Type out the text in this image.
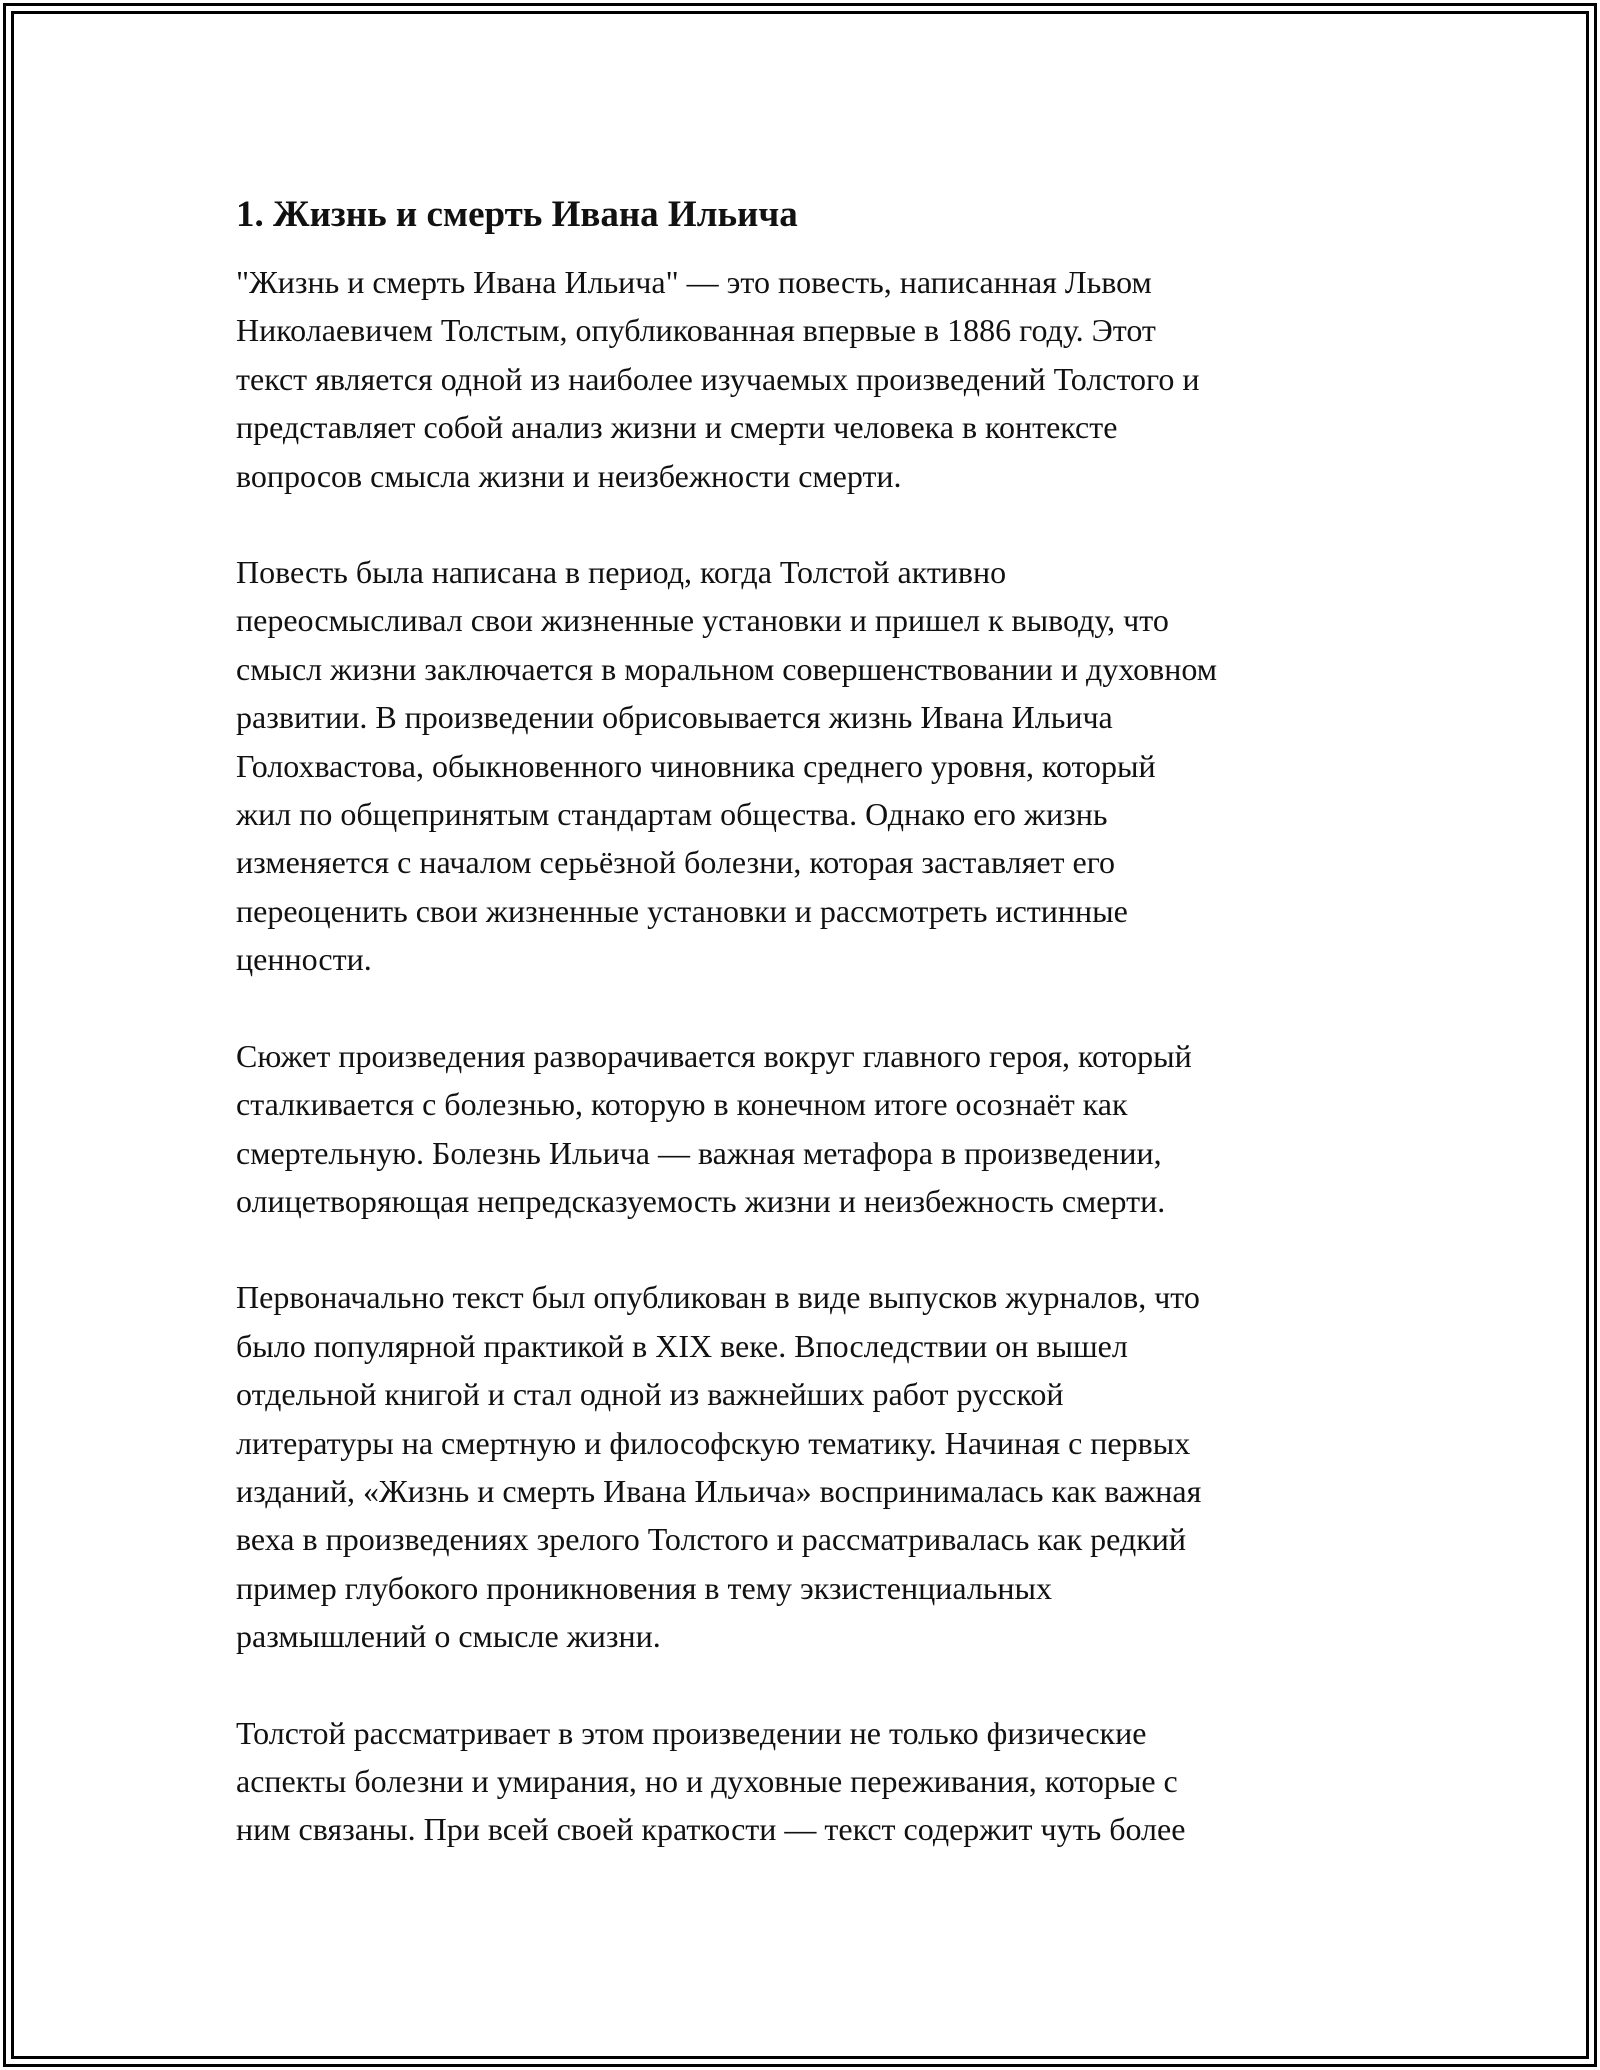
1. Жизнь и смерть Ивана Ильича

"Жизнь и смерть Ивана Ильича" — это повесть, написанная Львом
Николаевичем Толстым, опубликованная впервые в 1886 году. Этот
текст является одной из наиболее изучаемых произведений Толстого и
представляет собой анализ жизни и смерти человека в контексте
вопросов смысла жизни и неизбежности смерти.

Повесть была написана в период, когда Толстой активно
переосмысливал свои жизненные установки и пришел к выводу, что
смысл жизни заключается в моральном совершенствовании и духовном
развитии. В произведении обрисовывается жизнь Ивана Ильича
Голохвастова, обыкновенного чиновника среднего уровня, который
жил по общепринятым стандартам общества. Однако его жизнь
изменяется с началом серьёзной болезни, которая заставляет его
переоценить свои жизненные установки и рассмотреть истинные
ценности.

Сюжет произведения разворачивается вокруг главного героя, который
сталкивается с болезнью, которую в конечном итоге осознаёт как
смертельную. Болезнь Ильича — важная метафора в произведении,
олицетворяющая непредсказуемость жизни и неизбежность смерти.

Первоначально текст был опубликован в виде выпусков журналов, что
было популярной практикой в XIX веке. Впоследствии он вышел
отдельной книгой и стал одной из важнейших работ русской
литературы на смертную и философскую тематику. Начиная с первых
изданий, «Жизнь и смерть Ивана Ильича» воспринималась как важная
веха в произведениях зрелого Толстого и рассматривалась как редкий
пример глубокого проникновения в тему экзистенциальных
размышлений о смысле жизни.

Толстой рассматривает в этом произведении не только физические
аспекты болезни и умирания, но и духовные переживания, которые с
ним связаны. При всей своей краткости — текст содержит чуть более
